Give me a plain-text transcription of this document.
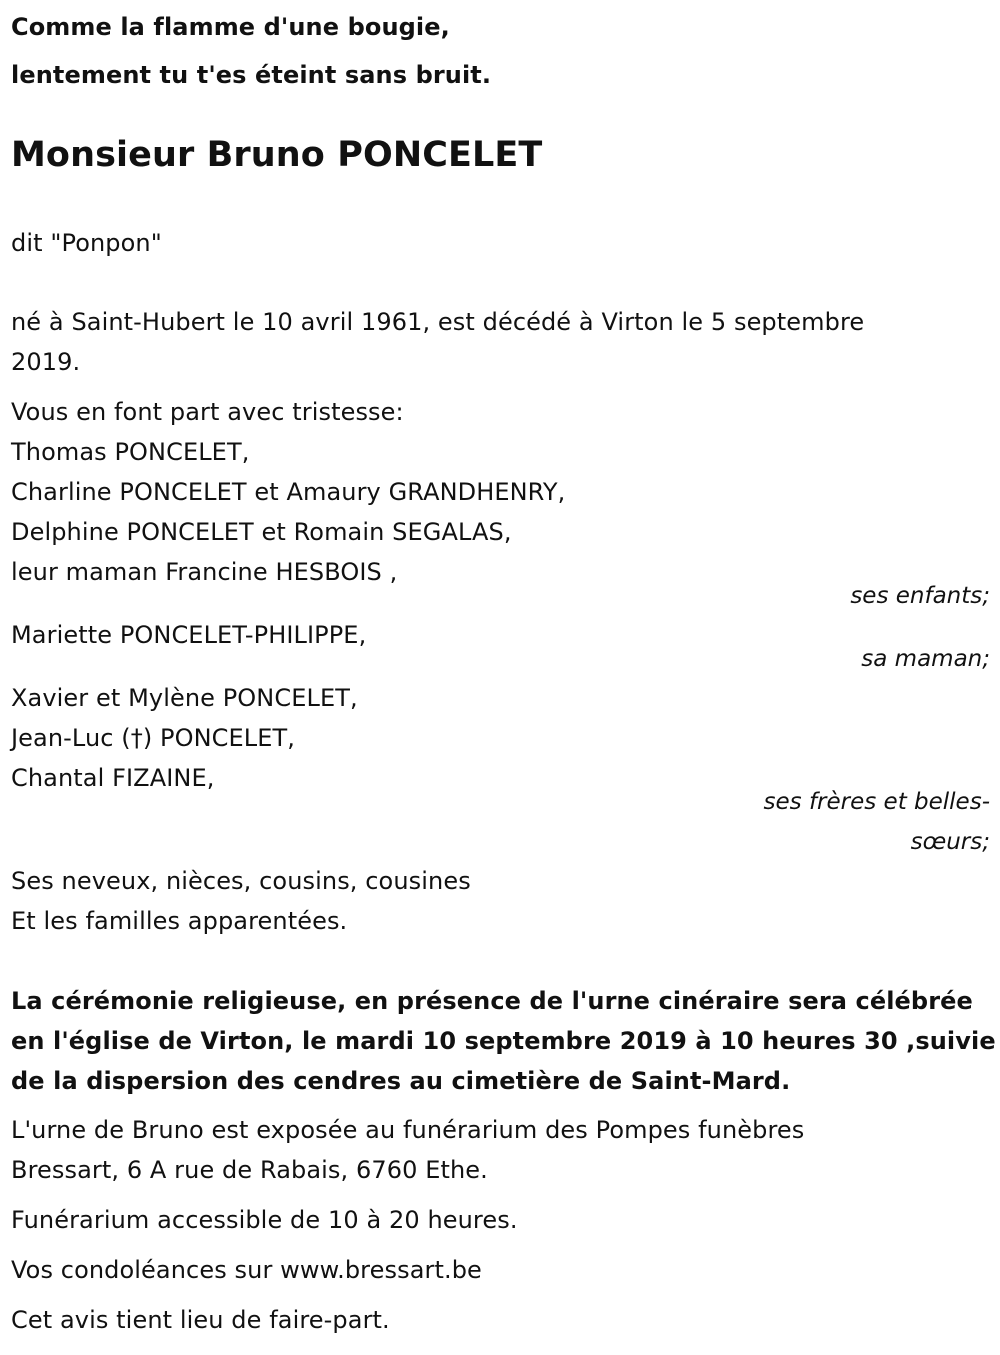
Comme la flamme d'une bougie,
lentement tu t'es éteint sans bruit.
Monsieur Bruno PONCELET
dit "Ponpon"
né à Saint-Hubert le 10 avril 1961, est décédé à Virton le 5 septembre
2019.
Vous en font part avec tristesse:
Thomas PONCELET,
Charline PONCELET et Amaury GRANDHENRY,
Delphine PONCELET et Romain SEGALAS,
leur maman Francine HESBOIS ,
ses enfants;
Mariette PONCELET-PHILIPPE,
sa maman;
Xavier et Mylène PONCELET,
Jean-Luc (†) PONCELET,
Chantal FIZAINE,
ses frères et belles-
sœurs;
Ses neveux, nièces, cousins, cousines
Et les familles apparentées.
La cérémonie religieuse, en présence de l'urne cinéraire sera célébrée
en l'église de Virton, le mardi 10 septembre 2019 à 10 heures 30 ,suivie
de la dispersion des cendres au cimetière de Saint-Mard.
L'urne de Bruno est exposée au funérarium des Pompes funèbres
Bressart, 6 A rue de Rabais, 6760 Ethe.
Funérarium accessible de 10 à 20 heures.
Vos condoléances sur www.bressart.be
Cet avis tient lieu de faire-part.
